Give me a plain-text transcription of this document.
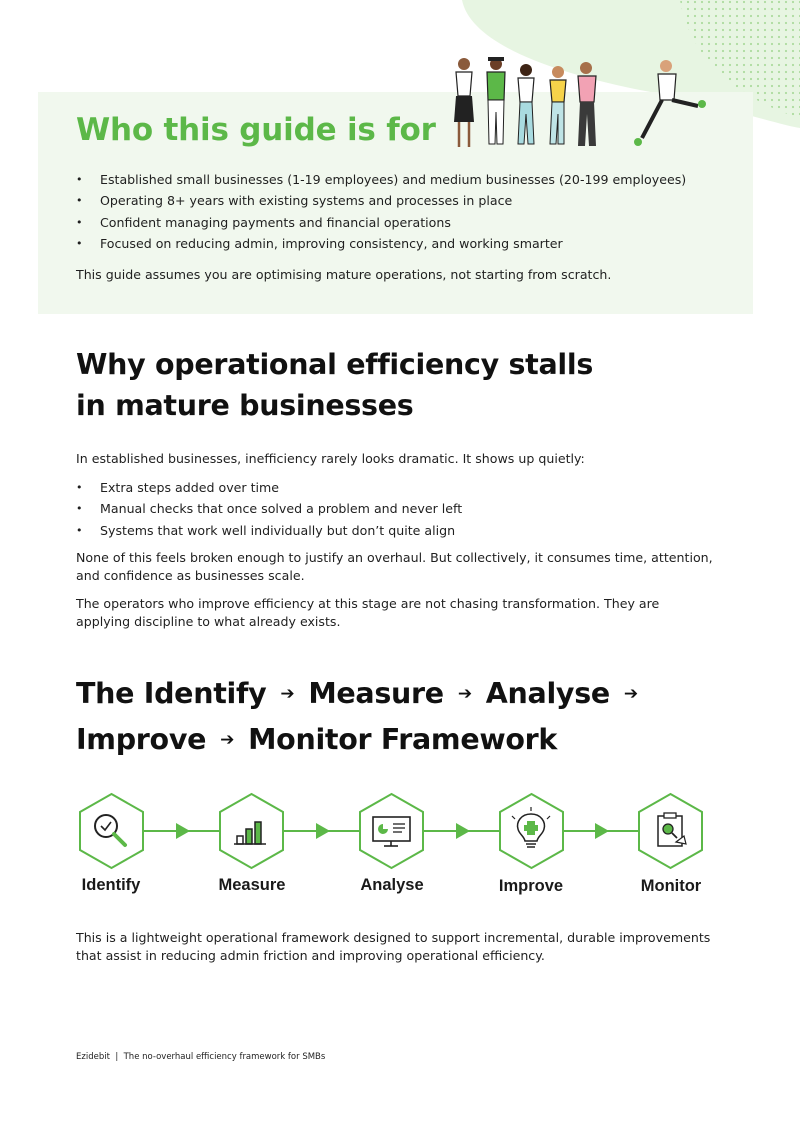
Who this guide is for
• Established small businesses (1-19 employees) and medium businesses (20-199 employees)
• Operating 8+ years with existing systems and processes in place
• Confident managing payments and financial operations
• Focused on reducing admin, improving consistency, and working smarter

This guide assumes you are optimising mature operations, not starting from scratch.

Why operational efficiency stalls
in mature businesses

In established businesses, inefficiency rarely looks dramatic. It shows up quietly:

• Extra steps added over time
• Manual checks that once solved a problem and never left
• Systems that work well individually but don’t quite align

None of this feels broken enough to justify an overhaul. But collectively, it consumes time, attention, and confidence as businesses scale.

The operators who improve efficiency at this stage are not chasing transformation. They are applying discipline to what already exists.

The Identify ➔ Measure ➔ Analyse ➔
Improve ➔ Monitor Framework
Identify	Measure	Analyse	Improve	Monitor

This is a lightweight operational framework designed to support incremental, durable improvements that assist in reducing admin friction and improving operational efficiency.

Ezidebit | The no-overhaul efficiency framework for SMBs
